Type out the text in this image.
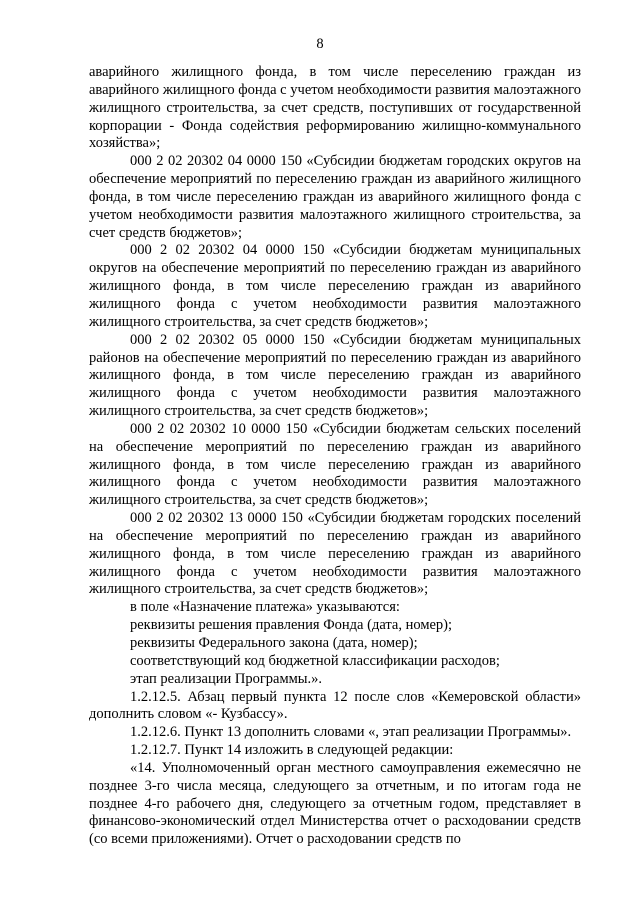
8

аварийного жилищного фонда, в том числе переселению граждан из аварийного жилищного фонда с учетом необходимости развития малоэтажного жилищного строительства, за счет средств, поступивших от государственной корпорации - Фонда содействия реформированию жилищно-коммунального хозяйства»;

000 2 02 20302 04 0000 150 «Субсидии бюджетам городских округов на обеспечение мероприятий по переселению граждан из аварийного жилищного фонда, в том числе переселению граждан из аварийного жилищного фонда с учетом необходимости развития малоэтажного жилищного строительства, за счет средств бюджетов»;

000 2 02 20302 04 0000 150 «Субсидии бюджетам муниципальных округов на обеспечение мероприятий по переселению граждан из аварийного жилищного фонда, в том числе переселению граждан из аварийного жилищного фонда с учетом необходимости развития малоэтажного жилищного строительства, за счет средств бюджетов»;

000 2 02 20302 05 0000 150 «Субсидии бюджетам муниципальных районов на обеспечение мероприятий по переселению граждан из аварийного жилищного фонда, в том числе переселению граждан из аварийного жилищного фонда с учетом необходимости развития малоэтажного жилищного строительства, за счет средств бюджетов»;

000 2 02 20302 10 0000 150 «Субсидии бюджетам сельских поселений на обеспечение мероприятий по переселению граждан из аварийного жилищного фонда, в том числе переселению граждан из аварийного жилищного фонда с учетом необходимости развития малоэтажного жилищного строительства, за счет средств бюджетов»;

000 2 02 20302 13 0000 150 «Субсидии бюджетам городских поселений на обеспечение мероприятий по переселению граждан из аварийного жилищного фонда, в том числе переселению граждан из аварийного жилищного фонда с учетом необходимости развития малоэтажного жилищного строительства, за счет средств бюджетов»;

в поле «Назначение платежа» указываются:

реквизиты решения правления Фонда (дата, номер);

реквизиты Федерального закона (дата, номер);

соответствующий код бюджетной классификации расходов;

этап реализации Программы.».

1.2.12.5. Абзац первый пункта 12 после слов «Кемеровской области» дополнить словом «- Кузбассу».

1.2.12.6. Пункт 13 дополнить словами «, этап реализации Программы».

1.2.12.7. Пункт 14 изложить в следующей редакции:

«14. Уполномоченный орган местного самоуправления ежемесячно не позднее 3-го числа месяца, следующего за отчетным, и по итогам года не позднее 4-го рабочего дня, следующего за отчетным годом, представляет в финансово-экономический отдел Министерства отчет о расходовании средств (со всеми приложениями). Отчет о расходовании средств по
